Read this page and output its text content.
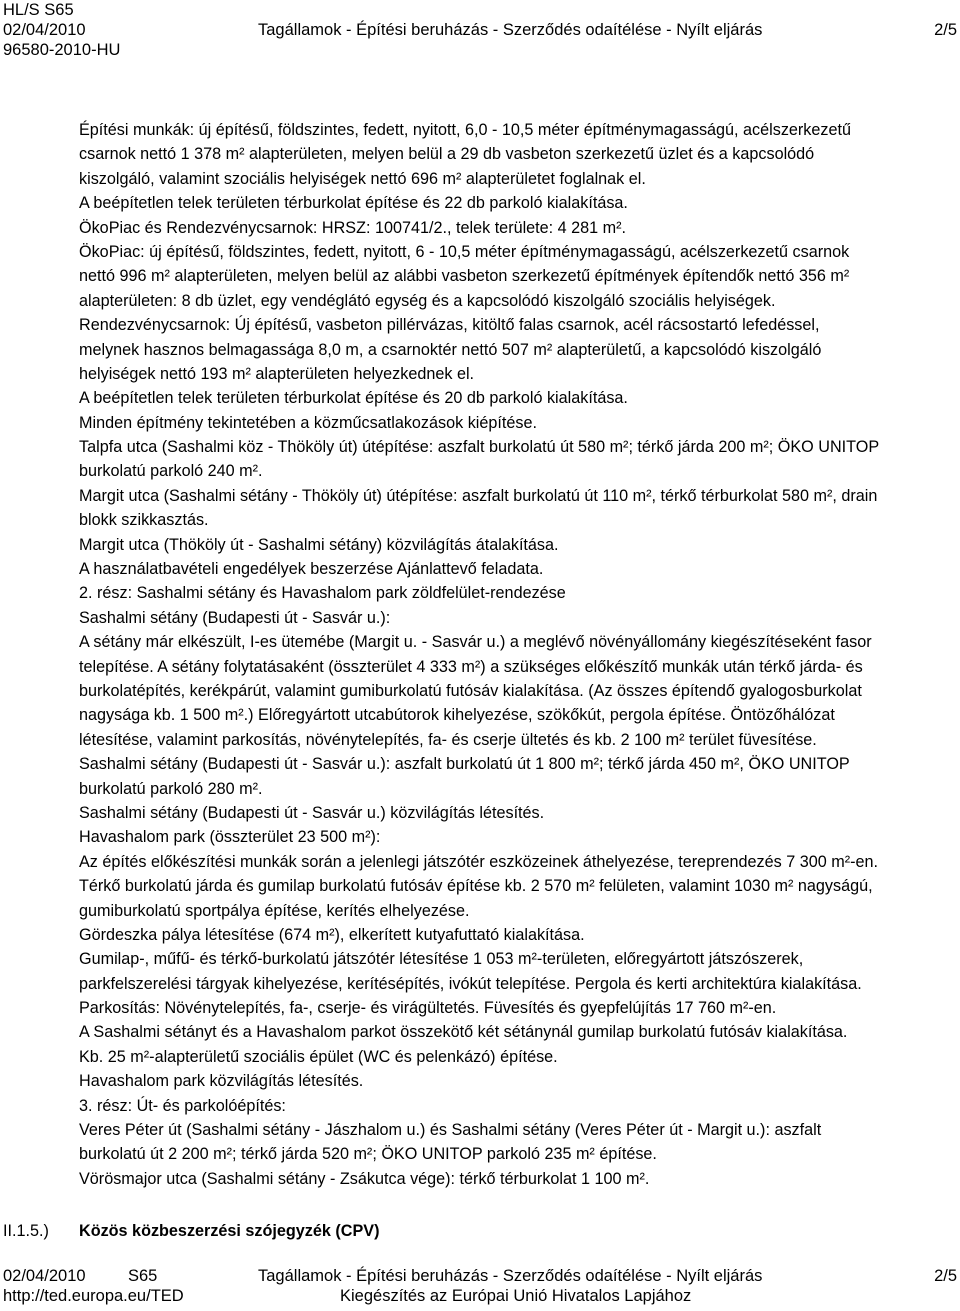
HL/S S65
02/04/2010	Tagállamok - Építési beruházás - Szerződés odaítélése - Nyílt eljárás	2/5
96580-2010-HU
Építési munkák: új építésű, földszintes, fedett, nyitott, 6,0 - 10,5 méter építménymagasságú, acélszerkezetű
csarnok nettó 1 378 m² alapterületen, melyen belül a 29 db vasbeton szerkezetű üzlet és a kapcsolódó
kiszolgáló, valamint szociális helyiségek nettó 696 m² alapterületet foglalnak el.
A beépítetlen telek területen térburkolat építése és 22 db parkoló kialakítása.
ÖkoPiac és Rendezvénycsarnok: HRSZ: 100741/2., telek területe: 4 281 m².
ÖkoPiac: új építésű, földszintes, fedett, nyitott, 6 - 10,5 méter építménymagasságú, acélszerkezetű csarnok
nettó 996 m² alapterületen, melyen belül az alábbi vasbeton szerkezetű építmények építendők nettó 356 m²
alapterületen: 8 db üzlet, egy vendéglátó egység és a kapcsolódó kiszolgáló szociális helyiségek.
Rendezvénycsarnok: Új építésű, vasbeton pillérvázas, kitöltő falas csarnok, acél rácsostartó lefedéssel,
melynek hasznos belmagassága 8,0 m, a csarnoktér nettó 507 m² alapterületű, a kapcsolódó kiszolgáló
helyiségek nettó 193 m² alapterületen helyezkednek el.
A beépítetlen telek területen térburkolat építése és 20 db parkoló kialakítása.
Minden építmény tekintetében a közműcsatlakozások kiépítése.
Talpfa utca (Sashalmi köz - Thököly út) útépítése: aszfalt burkolatú út 580 m²; térkő járda 200 m²; ÖKO UNITOP
burkolatú parkoló 240 m².
Margit utca (Sashalmi sétány - Thököly út) útépítése: aszfalt burkolatú út 110 m², térkő térburkolat 580 m², drain
blokk szikkasztás.
Margit utca (Thököly út - Sashalmi sétány) közvilágítás átalakítása.
A használatbavételi engedélyek beszerzése Ajánlattevő feladata.
2. rész: Sashalmi sétány és Havashalom park zöldfelület-rendezése
Sashalmi sétány (Budapesti út - Sasvár u.):
A sétány már elkészült, I-es ütemébe (Margit u. - Sasvár u.) a meglévő növényállomány kiegészítéseként fasor
telepítése. A sétány folytatásaként (összterület 4 333 m²) a szükséges előkészítő munkák után térkő járda- és
burkolatépítés, kerékpárút, valamint gumiburkolatú futósáv kialakítása. (Az összes építendő gyalogosburkolat
nagysága kb. 1 500 m².) Előregyártott utcabútorok kihelyezése, szökőkút, pergola építése. Öntözőhálózat
létesítése, valamint parkosítás, növénytelepítés, fa- és cserje ültetés és kb. 2 100 m² terület füvesítése.
Sashalmi sétány (Budapesti út - Sasvár u.): aszfalt burkolatú út 1 800 m²; térkő járda 450 m², ÖKO UNITOP
burkolatú parkoló 280 m².
Sashalmi sétány (Budapesti út - Sasvár u.) közvilágítás létesítés.
Havashalom park (összterület 23 500 m²):
Az építés előkészítési munkák során a jelenlegi játszótér eszközeinek áthelyezése, tereprendezés 7 300 m²-en.
Térkő burkolatú járda és gumilap burkolatú futósáv építése kb. 2 570 m² felületen, valamint 1030 m² nagyságú,
gumiburkolatú sportpálya építése, kerítés elhelyezése.
Gördeszka pálya létesítése (674 m²), elkerített kutyafuttató kialakítása.
Gumilap-, műfű- és térkő-burkolatú játszótér létesítése 1 053 m²-területen, előregyártott játszószerek,
parkfelszerelési tárgyak kihelyezése, kerítésépítés, ivókút telepítése. Pergola és kerti architektúra kialakítása.
Parkosítás: Növénytelepítés, fa-, cserje- és virágültetés. Füvesítés és gyepfelújítás 17 760 m²-en.
A Sashalmi sétányt és a Havashalom parkot összekötő két sétánynál gumilap burkolatú futósáv kialakítása.
Kb. 25 m²-alapterületű szociális épület (WC és pelenkázó) építése.
Havashalom park közvilágítás létesítés.
3. rész: Út- és parkolóépítés:
Veres Péter út (Sashalmi sétány - Jászhalom u.) és Sashalmi sétány (Veres Péter út - Margit u.): aszfalt
burkolatú út 2 200 m²; térkő járda 520 m²; ÖKO UNITOP parkoló 235 m² építése.
Vörösmajor utca (Sashalmi sétány - Zsákutca vége): térkő térburkolat 1 100 m².
II.1.5.) Közös közbeszerzési szójegyzék (CPV)
02/04/2010	S65	Tagállamok - Építési beruházás - Szerződés odaítélése - Nyílt eljárás	2/5
http://ted.europa.eu/TED	Kiegészítés az Európai Unió Hivatalos Lapjához
